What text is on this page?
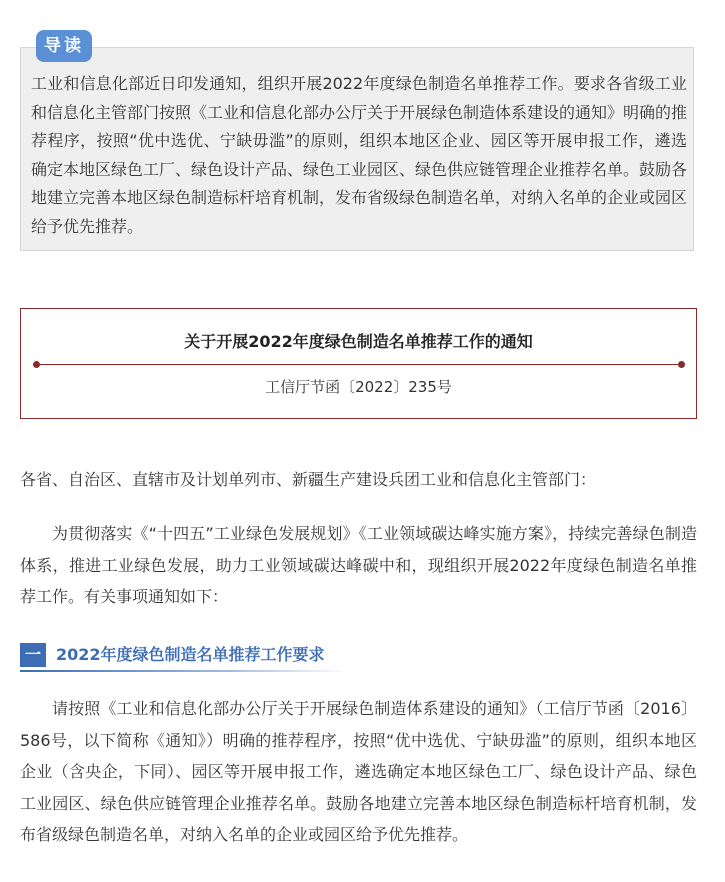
导读
工业和信息化部近日印发通知，组织开展2022年度绿色制造名单推荐工作。要求各省级工业和信息化主管部门按照《工业和信息化部办公厅关于开展绿色制造体系建设的通知》明确的推荐程序，按照“优中选优、宁缺毋滥”的原则，组织本地区企业、园区等开展申报工作，遴选确定本地区绿色工厂、绿色设计产品、绿色工业园区、绿色供应链管理企业推荐名单。鼓励各地建立完善本地区绿色制造标杆培育机制，发布省级绿色制造名单，对纳入名单的企业或园区给予优先推荐。
关于开展2022年度绿色制造名单推荐工作的通知
工信厅节函〔2022〕235号
各省、自治区、直辖市及计划单列市、新疆生产建设兵团工业和信息化主管部门：
为贯彻落实《“十四五”工业绿色发展规划》《工业领域碳达峰实施方案》，持续完善绿色制造体系，推进工业绿色发展，助力工业领域碳达峰碳中和，现组织开展2022年度绿色制造名单推荐工作。有关事项通知如下：
一 2022年度绿色制造名单推荐工作要求
请按照《工业和信息化部办公厅关于开展绿色制造体系建设的通知》（工信厅节函〔2016〕586号，以下简称《通知》）明确的推荐程序，按照“优中选优、宁缺毋滥”的原则，组织本地区企业（含央企，下同）、园区等开展申报工作，遴选确定本地区绿色工厂、绿色设计产品、绿色工业园区、绿色供应链管理企业推荐名单。鼓励各地建立完善本地区绿色制造标杆培育机制，发布省级绿色制造名单，对纳入名单的企业或园区给予优先推荐。
